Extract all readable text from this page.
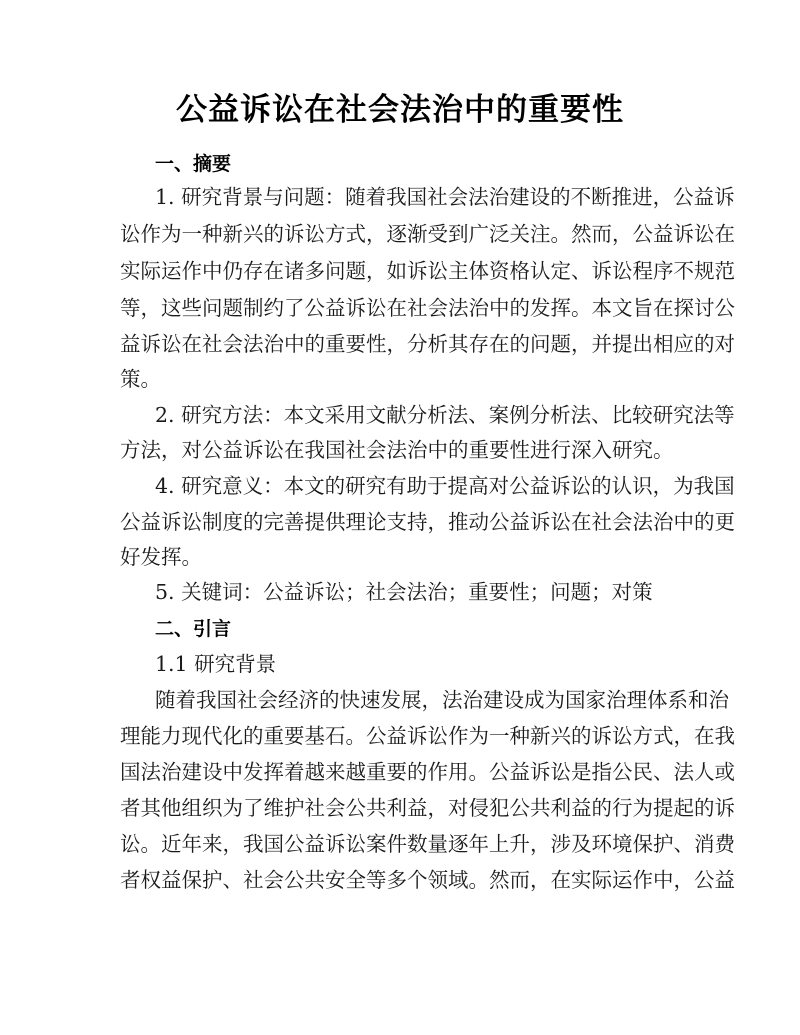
公益诉讼在社会法治中的重要性
一、摘要
1. 研究背景与问题：随着我国社会法治建设的不断推进，公益诉
讼作为一种新兴的诉讼方式，逐渐受到广泛关注。然而，公益诉讼在
实际运作中仍存在诸多问题，如诉讼主体资格认定、诉讼程序不规范
等，这些问题制约了公益诉讼在社会法治中的发挥。本文旨在探讨公
益诉讼在社会法治中的重要性，分析其存在的问题，并提出相应的对
策。
2. 研究方法：本文采用文献分析法、案例分析法、比较研究法等
方法，对公益诉讼在我国社会法治中的重要性进行深入研究。
4. 研究意义：本文的研究有助于提高对公益诉讼的认识，为我国
公益诉讼制度的完善提供理论支持，推动公益诉讼在社会法治中的更
好发挥。
5. 关键词：公益诉讼；社会法治；重要性；问题；对策
二、引言
1.1 研究背景
随着我国社会经济的快速发展，法治建设成为国家治理体系和治
理能力现代化的重要基石。公益诉讼作为一种新兴的诉讼方式，在我
国法治建设中发挥着越来越重要的作用。公益诉讼是指公民、法人或
者其他组织为了维护社会公共利益，对侵犯公共利益的行为提起的诉
讼。近年来，我国公益诉讼案件数量逐年上升，涉及环境保护、消费
者权益保护、社会公共安全等多个领域。然而，在实际运作中，公益
